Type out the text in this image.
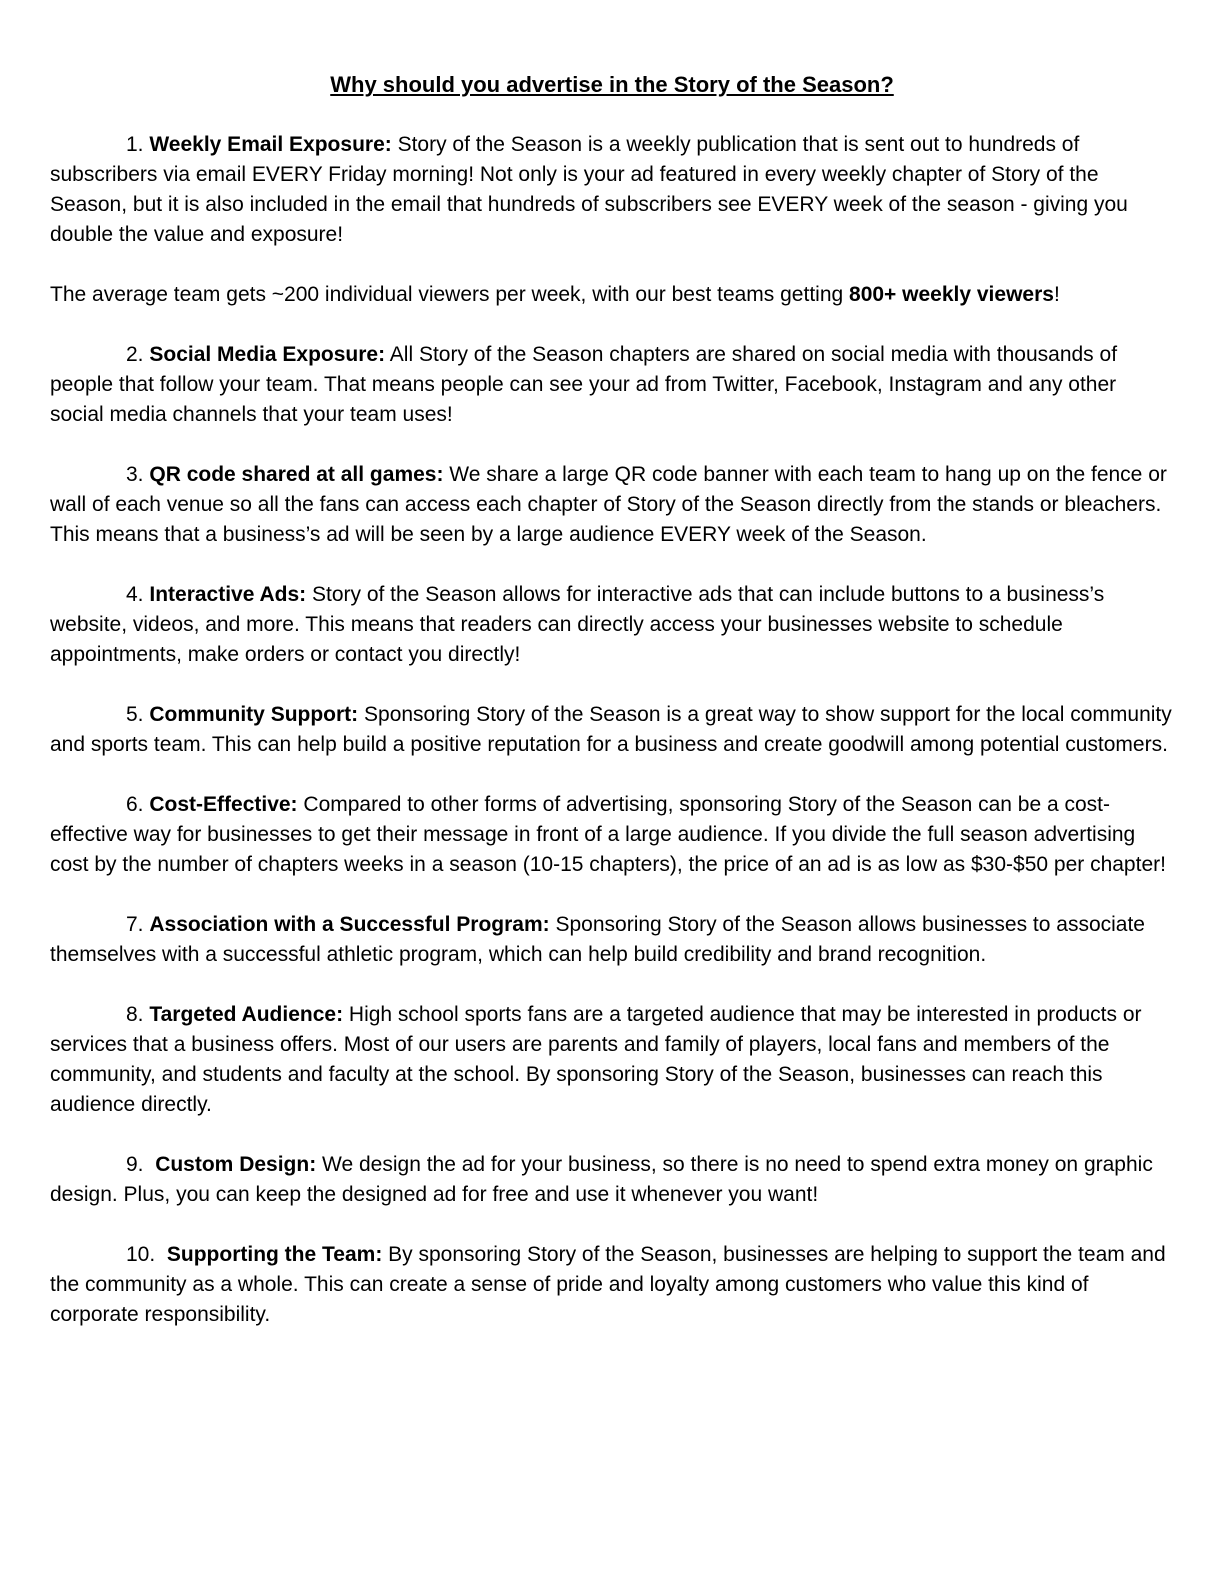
Why should you advertise in the Story of the Season?

1. Weekly Email Exposure: Story of the Season is a weekly publication that is sent out to hundreds of subscribers via email EVERY Friday morning! Not only is your ad featured in every weekly chapter of Story of the Season, but it is also included in the email that hundreds of subscribers see EVERY week of the season - giving you double the value and exposure!

The average team gets ~200 individual viewers per week, with our best teams getting 800+ weekly viewers!

2. Social Media Exposure: All Story of the Season chapters are shared on social media with thousands of people that follow your team. That means people can see your ad from Twitter, Facebook, Instagram and any other social media channels that your team uses!

3. QR code shared at all games: We share a large QR code banner with each team to hang up on the fence or wall of each venue so all the fans can access each chapter of Story of the Season directly from the stands or bleachers. This means that a business’s ad will be seen by a large audience EVERY week of the Season.

4. Interactive Ads: Story of the Season allows for interactive ads that can include buttons to a business’s website, videos, and more. This means that readers can directly access your businesses website to schedule appointments, make orders or contact you directly!

5. Community Support: Sponsoring Story of the Season is a great way to show support for the local community and sports team. This can help build a positive reputation for a business and create goodwill among potential customers.

6. Cost-Effective: Compared to other forms of advertising, sponsoring Story of the Season can be a cost-effective way for businesses to get their message in front of a large audience. If you divide the full season advertising cost by the number of chapters weeks in a season (10-15 chapters), the price of an ad is as low as $30-$50 per chapter!

7. Association with a Successful Program: Sponsoring Story of the Season allows businesses to associate themselves with a successful athletic program, which can help build credibility and brand recognition.

8. Targeted Audience: High school sports fans are a targeted audience that may be interested in products or services that a business offers. Most of our users are parents and family of players, local fans and members of the community, and students and faculty at the school. By sponsoring Story of the Season, businesses can reach this audience directly.

9.  Custom Design: We design the ad for your business, so there is no need to spend extra money on graphic design. Plus, you can keep the designed ad for free and use it whenever you want!

10.  Supporting the Team: By sponsoring Story of the Season, businesses are helping to support the team and the community as a whole. This can create a sense of pride and loyalty among customers who value this kind of corporate responsibility.
